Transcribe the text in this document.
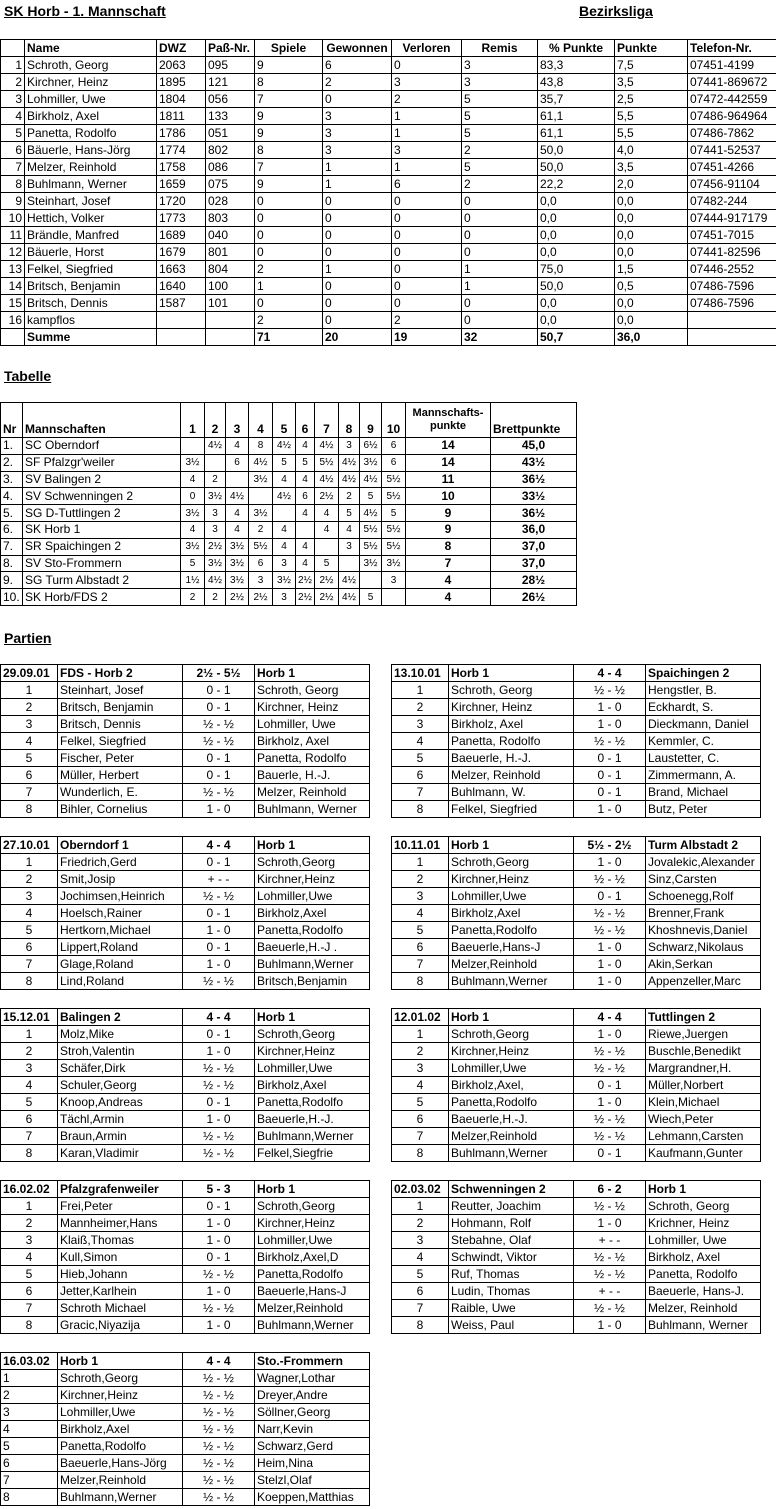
SK Horb - 1. Mannschaft	Bezirksliga
	Name	DWZ	Paß-Nr.	Spiele	Gewonnen	Verloren	Remis	% Punkte	Punkte	Telefon-Nr.
1	Schroth, Georg	2063	095	9	6	0	3	83,3	7,5	07451-4199
2	Kirchner, Heinz	1895	121	8	2	3	3	43,8	3,5	07441-869672
3	Lohmiller, Uwe	1804	056	7	0	2	5	35,7	2,5	07472-442559
4	Birkholz, Axel	1811	133	9	3	1	5	61,1	5,5	07486-964964
5	Panetta, Rodolfo	1786	051	9	3	1	5	61,1	5,5	07486-7862
6	Bäuerle, Hans-Jörg	1774	802	8	3	3	2	50,0	4,0	07441-52537
7	Melzer, Reinhold	1758	086	7	1	1	5	50,0	3,5	07451-4266
8	Buhlmann, Werner	1659	075	9	1	6	2	22,2	2,0	07456-91104
9	Steinhart, Josef	1720	028	0	0	0	0	0,0	0,0	07482-244
10	Hettich, Volker	1773	803	0	0	0	0	0,0	0,0	07444-917179
11	Brändle, Manfred	1689	040	0	0	0	0	0,0	0,0	07451-7015
12	Bäuerle, Horst	1679	801	0	0	0	0	0,0	0,0	07441-82596
13	Felkel, Siegfried	1663	804	2	1	0	1	75,0	1,5	07446-2552
14	Britsch, Benjamin	1640	100	1	0	0	1	50,0	0,5	07486-7596
15	Britsch, Dennis	1587	101	0	0	0	0	0,0	0,0	07486-7596
16	kampflos			2	0	2	0	0,0	0,0	
	Summe			71	20	19	32	50,7	36,0	
Tabelle
Nr	Mannschaften	1	2	3	4	5	6	7	8	9	10	Mannschafts-punkte	Brettpunkte
1.	SC Oberndorf		4½	4	8	4½	4	4½	3	6½	6	14	45,0
2.	SF Pfalzgr'weiler	3½		6	4½	5	5	5½	4½	3½	6	14	43½
3.	SV Balingen 2	4	2		3½	4	4	4½	4½	4½	5½	11	36½
4.	SV Schwenningen 2	0	3½	4½		4½	6	2½	2	5	5½	10	33½
5.	SG D-Tuttlingen 2	3½	3	4	3½		4	4	5	4½	5	9	36½
6.	SK Horb 1	4	3	4	2	4		4	4	5½	5½	9	36,0
7.	SR Spaichingen 2	3½	2½	3½	5½	4	4		3	5½	5½	8	37,0
8.	SV Sto-Frommern	5	3½	3½	6	3	4	5		3½	3½	7	37,0
9.	SG Turm Albstadt 2	1½	4½	3½	3	3½	2½	2½	4½		3	4	28½
10.	SK Horb/FDS 2	2	2	2½	2½	3	2½	2½	4½	5		4	26½
Partien
29.09.01	FDS - Horb 2	2½ - 5½	Horb 1
1	Steinhart, Josef	0 - 1	Schroth, Georg
2	Britsch, Benjamin	0 - 1	Kirchner, Heinz
3	Britsch, Dennis	½ - ½	Lohmiller, Uwe
4	Felkel, Siegfried	½ - ½	Birkholz, Axel
5	Fischer, Peter	0 - 1	Panetta, Rodolfo
6	Müller, Herbert	0 - 1	Bauerle, H.-J.
7	Wunderlich, E.	½ - ½	Melzer, Reinhold
8	Bihler, Cornelius	1 - 0	Buhlmann, Werner
13.10.01	Horb 1	4 - 4	Spaichingen 2
1	Schroth, Georg	½ - ½	Hengstler, B.
2	Kirchner, Heinz	1 - 0	Eckhardt, S.
3	Birkholz, Axel	1 - 0	Dieckmann, Daniel
4	Panetta, Rodolfo	½ - ½	Kemmler, C.
5	Baeuerle, H.-J.	0 - 1	Laustetter, C.
6	Melzer, Reinhold	0 - 1	Zimmermann, A.
7	Buhlmann, W.	0 - 1	Brand, Michael
8	Felkel, Siegfried	1 - 0	Butz, Peter
27.10.01	Oberndorf 1	4 - 4	Horb 1
1	Friedrich,Gerd	0 - 1	Schroth,Georg
2	Smit,Josip	+ - -	Kirchner,Heinz
3	Jochimsen,Heinrich	½ - ½	Lohmiller,Uwe
4	Hoelsch,Rainer	0 - 1	Birkholz,Axel
5	Hertkorn,Michael	1 - 0	Panetta,Rodolfo
6	Lippert,Roland	0 - 1	Baeuerle,H.-J .
7	Glage,Roland	1 - 0	Buhlmann,Werner
8	Lind,Roland	½ - ½	Britsch,Benjamin
10.11.01	Horb 1	5½ - 2½	Turm Albstadt 2
1	Schroth,Georg	1 - 0	Jovalekic,Alexander
2	Kirchner,Heinz	½ - ½	Sinz,Carsten
3	Lohmiller,Uwe	0 - 1	Schoenegg,Rolf
4	Birkholz,Axel	½ - ½	Brenner,Frank
5	Panetta,Rodolfo	½ - ½	Khoshnevis,Daniel
6	Baeuerle,Hans-J	1 - 0	Schwarz,Nikolaus
7	Melzer,Reinhold	1 - 0	Akin,Serkan
8	Buhlmann,Werner	1 - 0	Appenzeller,Marc
15.12.01	Balingen 2	4 - 4	Horb 1
1	Molz,Mike	0 - 1	Schroth,Georg
2	Stroh,Valentin	1 - 0	Kirchner,Heinz
3	Schäfer,Dirk	½ - ½	Lohmiller,Uwe
4	Schuler,Georg	½ - ½	Birkholz,Axel
5	Knoop,Andreas	0 - 1	Panetta,Rodolfo
6	Tächl,Armin	1 - 0	Baeuerle,H.-J.
7	Braun,Armin	½ - ½	Buhlmann,Werner
8	Karan,Vladimir	½ - ½	Felkel,Siegfrie
12.01.02	Horb 1	4 - 4	Tuttlingen 2
1	Schroth,Georg	1 - 0	Riewe,Juergen
2	Kirchner,Heinz	½ - ½	Buschle,Benedikt
3	Lohmiller,Uwe	½ - ½	Margrandner,H.
4	Birkholz,Axel,	0 - 1	Müller,Norbert
5	Panetta,Rodolfo	1 - 0	Klein,Michael
6	Baeuerle,H.-J.	½ - ½	Wiech,Peter
7	Melzer,Reinhold	½ - ½	Lehmann,Carsten
8	Buhlmann,Werner	0 - 1	Kaufmann,Gunter
16.02.02	Pfalzgrafenweiler	5 - 3	Horb 1
1	Frei,Peter	0 - 1	Schroth,Georg
2	Mannheimer,Hans	1 - 0	Kirchner,Heinz
3	Klaiß,Thomas	1 - 0	Lohmiller,Uwe
4	Kull,Simon	0 - 1	Birkholz,Axel,D
5	Hieb,Johann	½ - ½	Panetta,Rodolfo
6	Jetter,Karlhein	1 - 0	Baeuerle,Hans-J
7	Schroth Michael	½ - ½	Melzer,Reinhold
8	Gracic,Niyazija	1 - 0	Buhlmann,Werner
02.03.02	Schwenningen 2	6 - 2	Horb 1
1	Reutter, Joachim	½ - ½	Schroth, Georg
2	Hohmann, Rolf	1 - 0	Krichner, Heinz
3	Stebahne, Olaf	+ - -	Lohmiller, Uwe
4	Schwindt, Viktor	½ - ½	Birkholz, Axel
5	Ruf, Thomas	½ - ½	Panetta, Rodolfo
6	Ludin, Thomas	+ - -	Baeuerle, Hans-J.
7	Raible, Uwe	½ - ½	Melzer, Reinhold
8	Weiss, Paul	1 - 0	Buhlmann, Werner
16.03.02	Horb 1	4 - 4	Sto.-Frommern
1	Schroth,Georg	½ - ½	Wagner,Lothar
2	Kirchner,Heinz	½ - ½	Dreyer,Andre
3	Lohmiller,Uwe	½ - ½	Söllner,Georg
4	Birkholz,Axel	½ - ½	Narr,Kevin
5	Panetta,Rodolfo	½ - ½	Schwarz,Gerd
6	Baeuerle,Hans-Jörg	½ - ½	Heim,Nina
7	Melzer,Reinhold	½ - ½	Stelzl,Olaf
8	Buhlmann,Werner	½ - ½	Koeppen,Matthias
